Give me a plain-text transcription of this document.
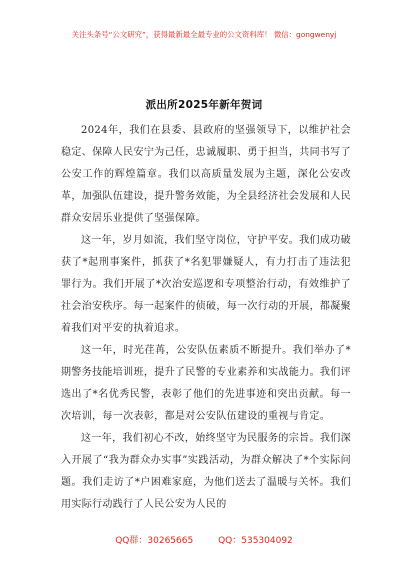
关注头条号“公文研究”，获得最新最全最专业的公文资料库！ 微信：gongwenyj
派出所2025年新年贺词

2024年，我们在县委、县政府的坚强领导下，以维护社会稳定、保障人民安宁为己任，忠诚履职、勇于担当，共同书写了公安工作的辉煌篇章。我们以高质量发展为主题，深化公安改革，加强队伍建设，提升警务效能，为全县经济社会发展和人民群众安居乐业提供了坚强保障。

这一年，岁月如流，我们坚守岗位，守护平安。我们成功破获了*起刑事案件，抓获了*名犯罪嫌疑人，有力打击了违法犯罪行为。我们开展了*次治安巡逻和专项整治行动，有效维护了社会治安秩序。每一起案件的侦破，每一次行动的开展，都凝聚着我们对平安的执着追求。

这一年，时光荏苒，公安队伍素质不断提升。我们举办了*期警务技能培训班，提升了民警的专业素养和实战能力。我们评选出了*名优秀民警，表彰了他们的先进事迹和突出贡献。每一次培训，每一次表彰，都是对公安队伍建设的重视与肯定。

这一年，我们初心不改，始终坚守为民服务的宗旨。我们深入开展了“我为群众办实事”实践活动，为群众解决了*个实际问题。我们走访了*户困难家庭，为他们送去了温暖与关怀。我们用实际行动践行了人民公安为人民的

QQ群：30265665	QQ：535304092
